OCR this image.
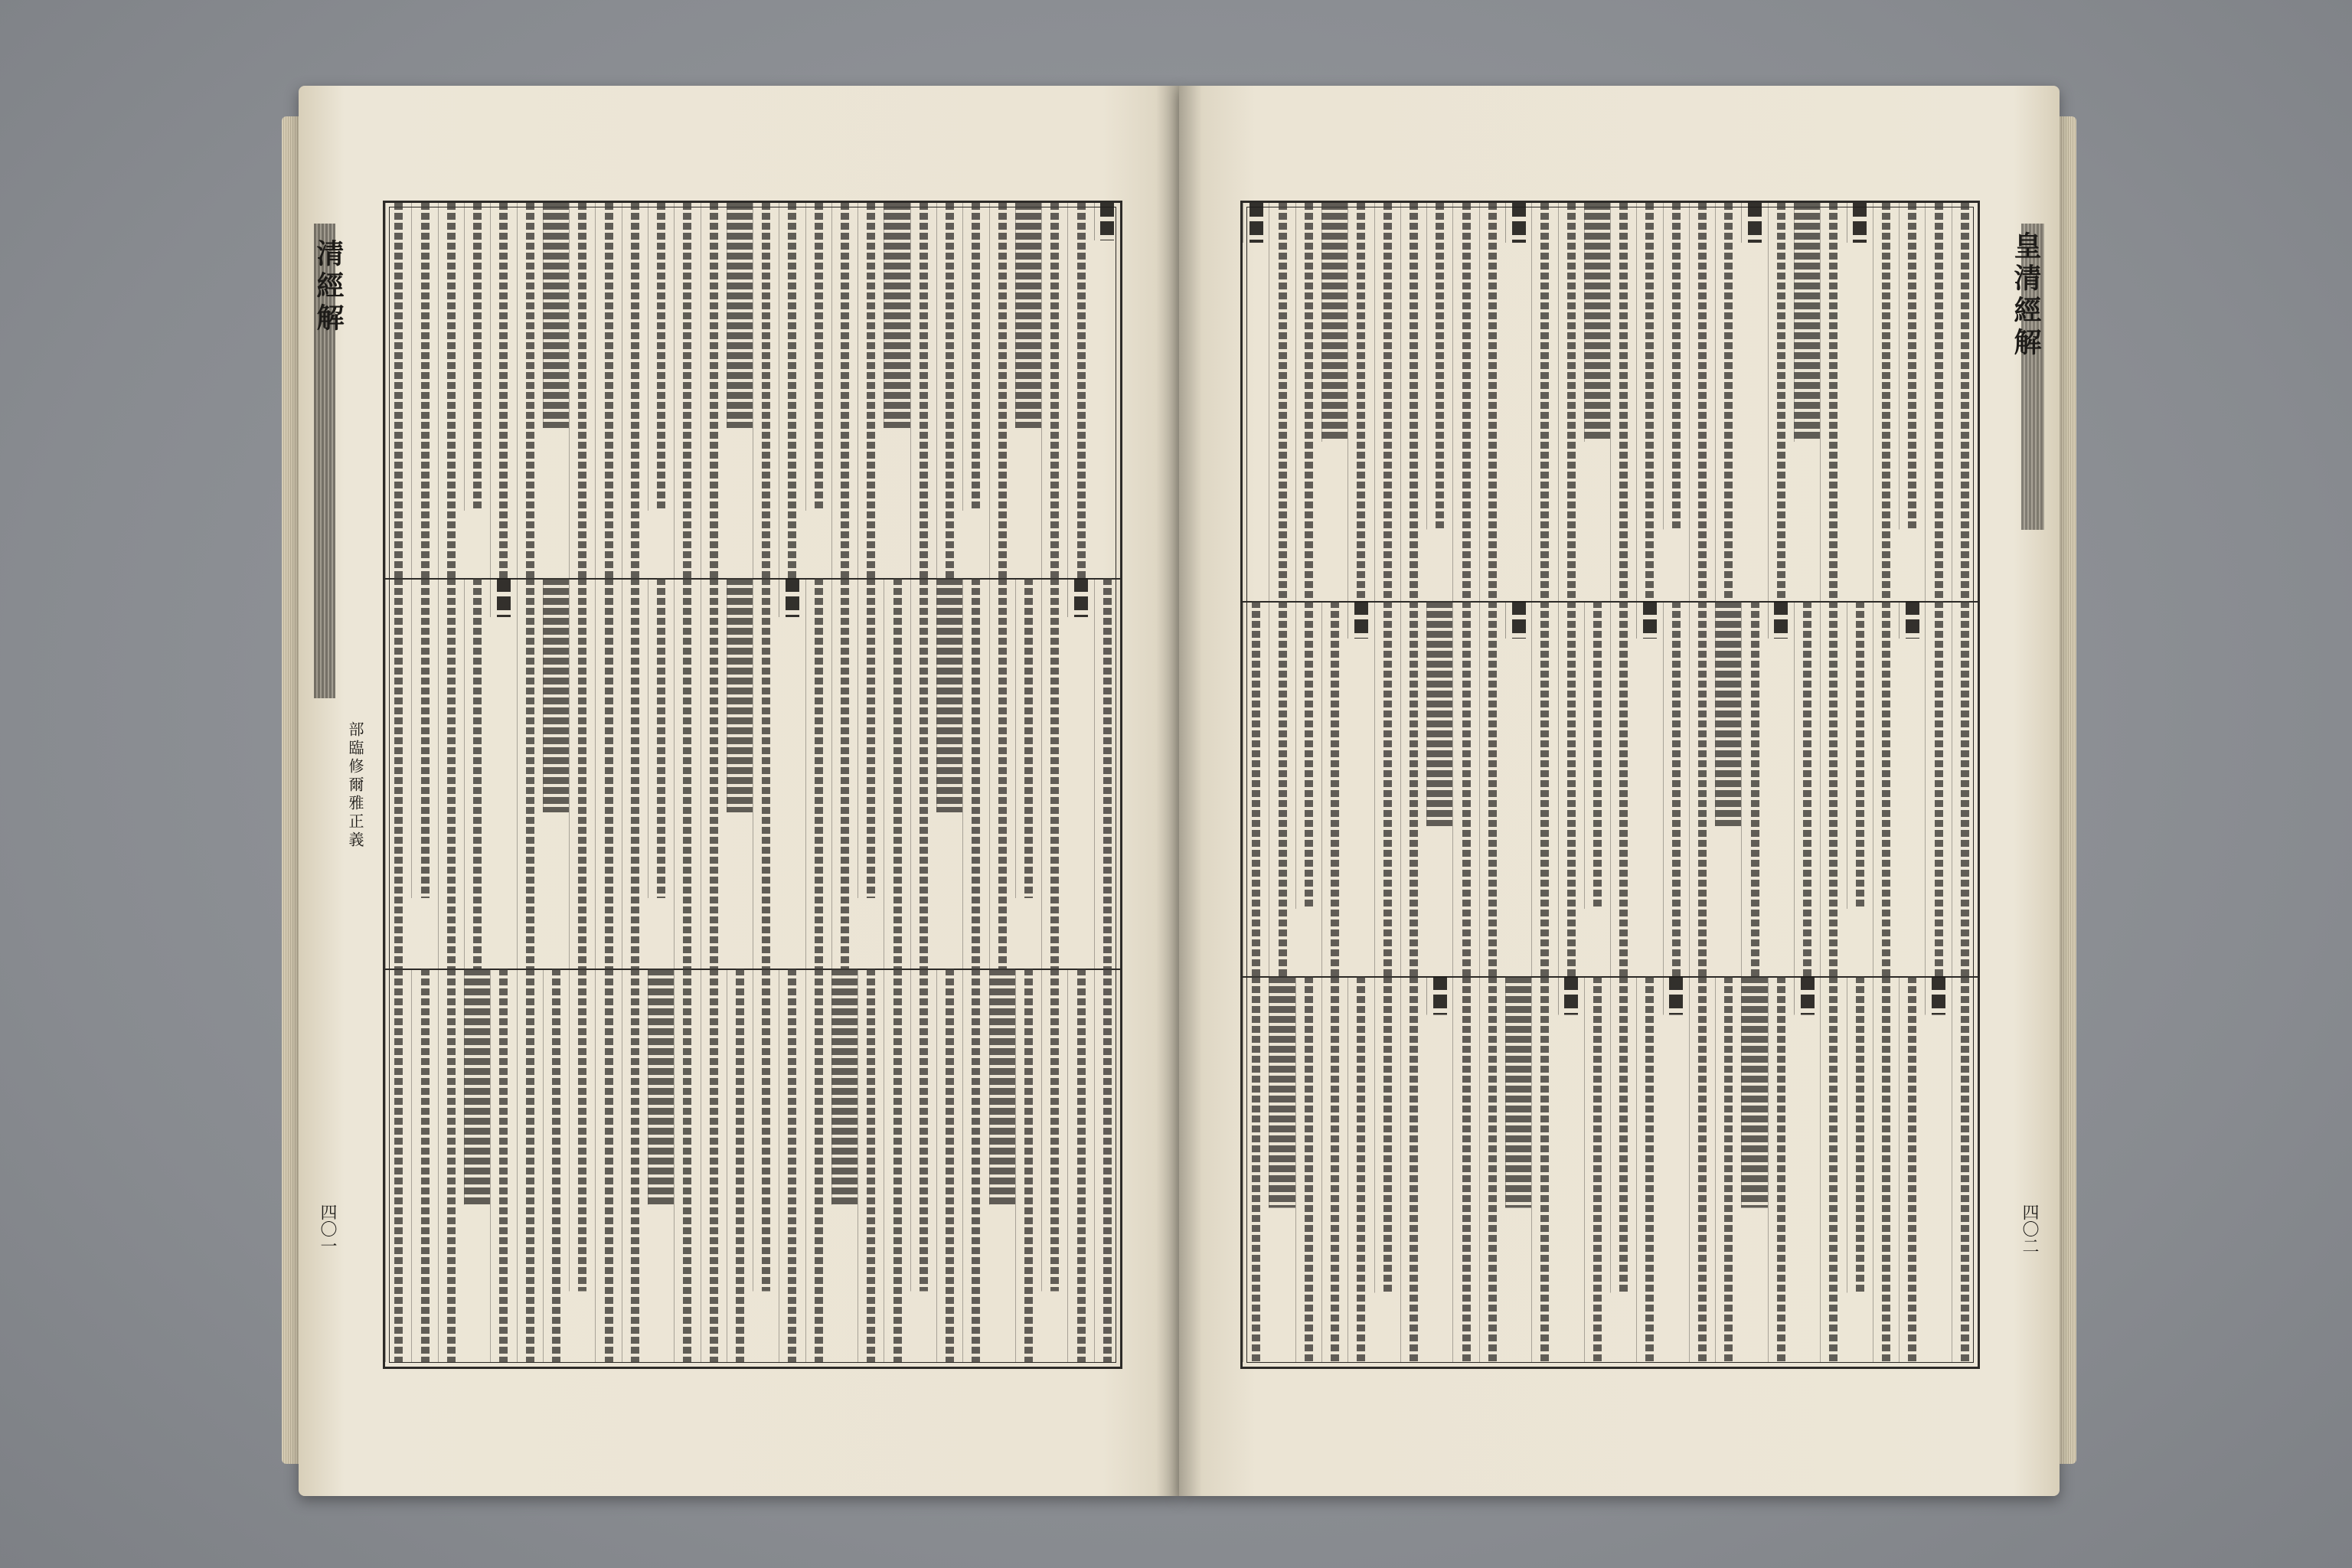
清經解
部臨修爾雅正義
四〇一
皇清經解
四〇二
